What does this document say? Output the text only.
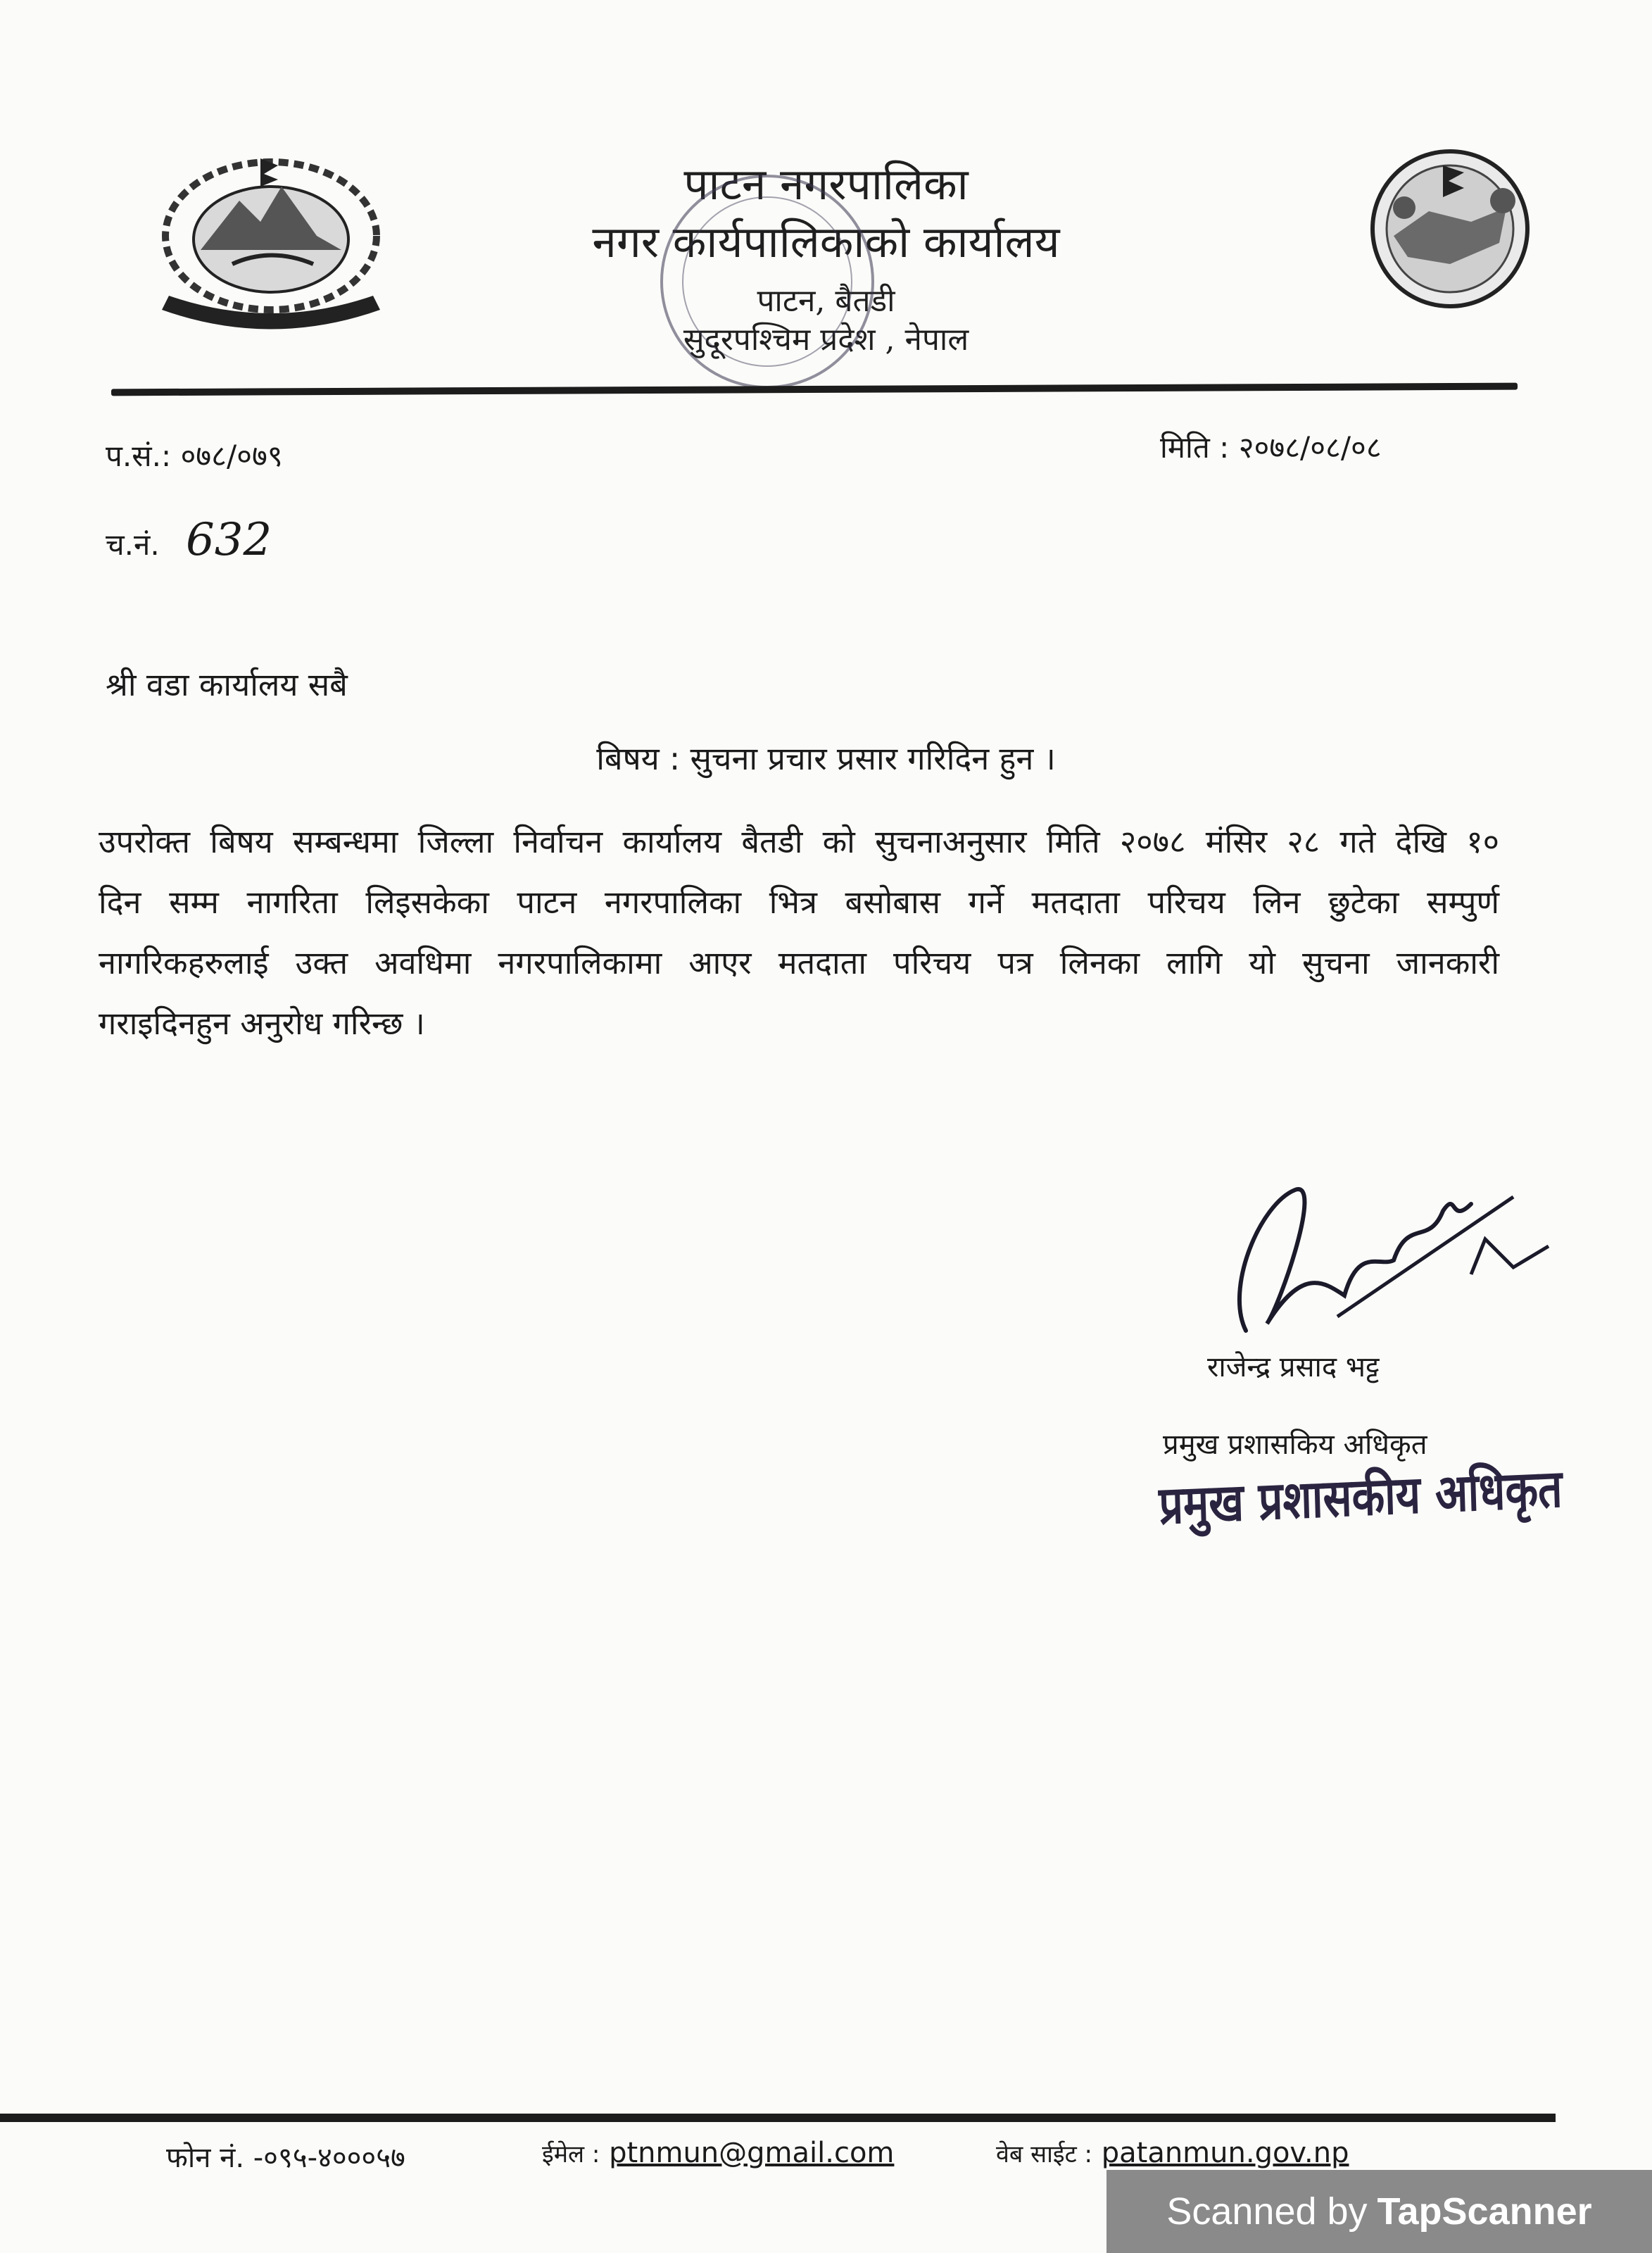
पाटन नगरपालिका
नगर कार्यपालिकाको कार्यालय
पाटन, बैतडी
सुदूरपश्चिम प्रदेश , नेपाल
प.सं.: ०७८/०७९	मिति : २०७८/०८/०८
च.नं. 632
श्री वडा कार्यालय सबै
बिषय : सुचना प्रचार प्रसार गरिदिन हुन ।
उपरोक्त बिषय सम्बन्धमा जिल्ला निर्वाचन कार्यालय बैतडी को सुचनाअनुसार मिति २०७८ मंसिर २८ गते देखि १०
दिन सम्म नागरिता लिइसकेका पाटन नगरपालिका भित्र बसोबास गर्ने मतदाता परिचय लिन छुटेका सम्पुर्ण
नागरिकहरुलाई उक्त अवधिमा नगरपालिकामा आएर मतदाता परिचय पत्र लिनका लागि यो सुचना जानकारी
गराइदिनहुन अनुरोध गरिन्छ ।
राजेन्द्र प्रसाद भट्ट
प्रमुख प्रशासकिय अधिकृत
प्रमुख प्रशासकीय अधिकृत
फोन नं. -०९५-४०००५७	ईमेल : ptnmun@gmail.com	वेब साईट : patanmun.gov.np
Scanned by TapScanner
